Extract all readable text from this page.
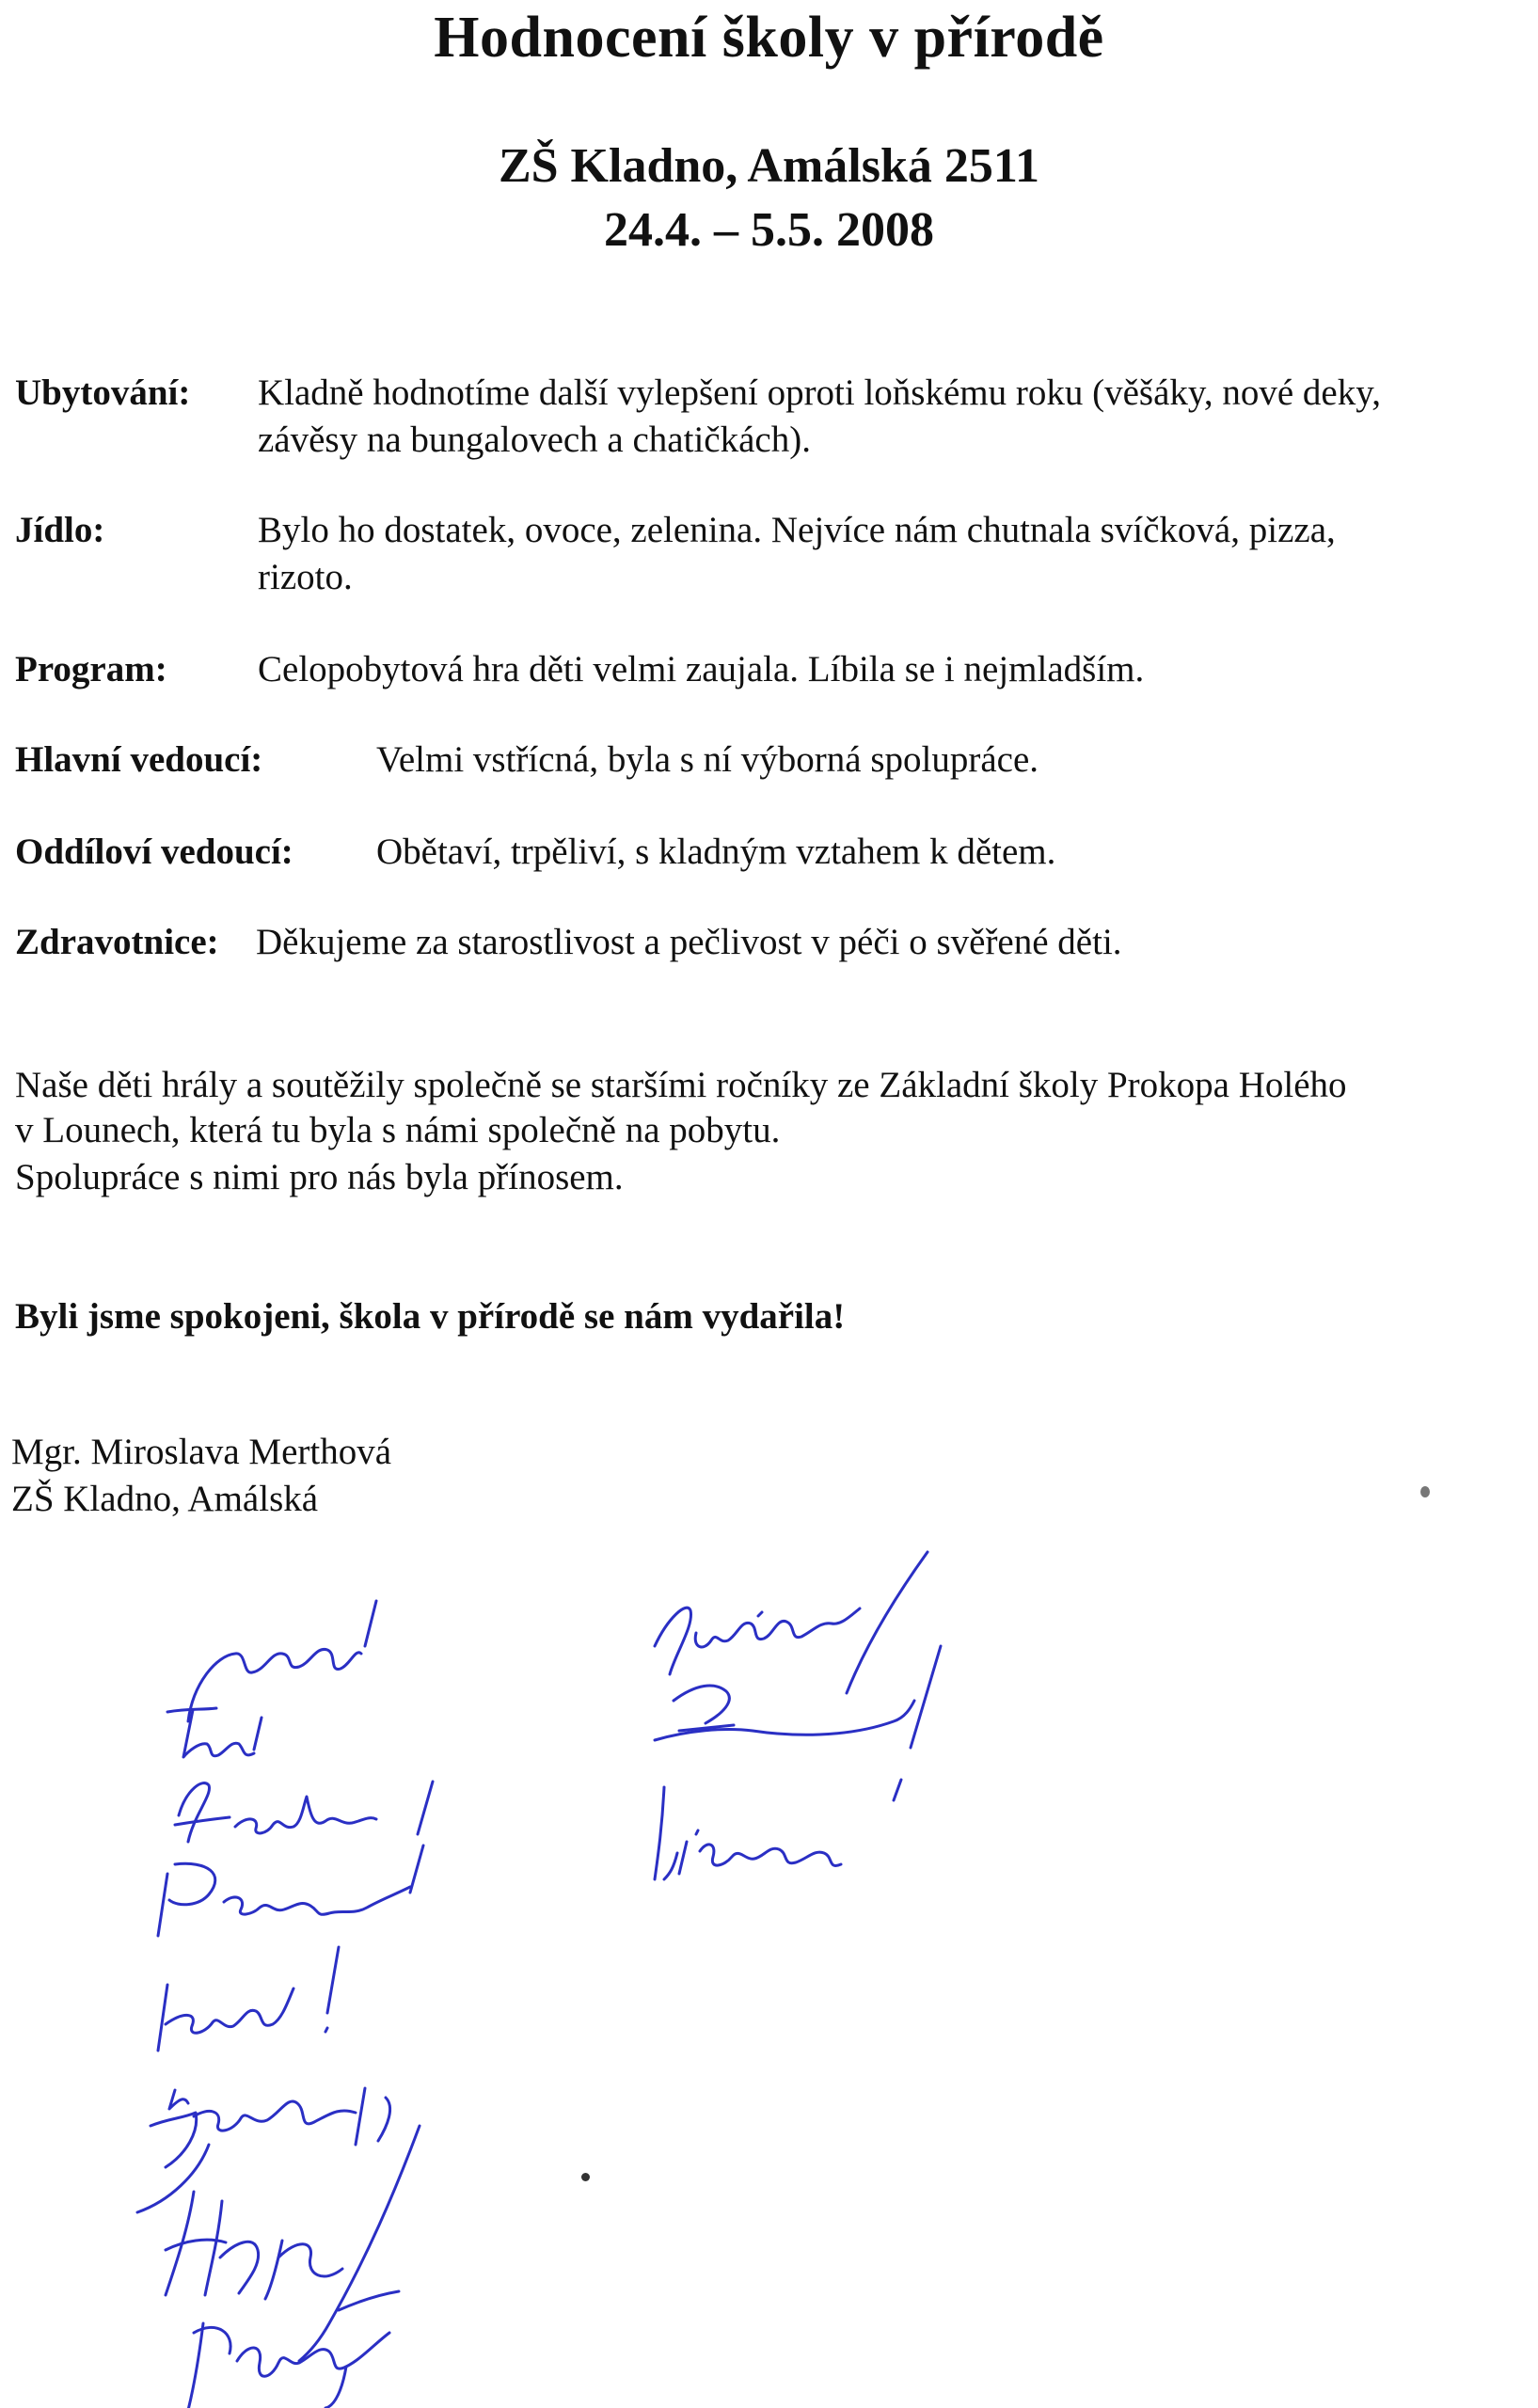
Hodnocení školy v přírodě
ZŠ Kladno, Amálská 2511
24.4. – 5.5. 2008
Ubytování: Kladně hodnotíme další vylepšení oproti loňskému roku (věšáky, nové deky,
závěsy na bungalovech a chatičkách).
Jídlo:	Bylo ho dostatek, ovoce, zelenina. Nejvíce nám chutnala svíčková, pizza,
rizoto.
Program: Celopobytová hra děti velmi zaujala. Líbila se i nejmladším.
Hlavní vedoucí:	Velmi vstřícná, byla s ní výborná spolupráce.
Oddíloví vedoucí: Obětaví, trpěliví, s kladným vztahem k dětem.
Zdravotnice: Děkujeme za starostlivost a pečlivost v péči o svěřené děti.
Naše děti hrály a soutěžily společně se staršími ročníky ze Základní školy Prokopa Holého
v Lounech, která tu byla s námi společně na pobytu.
Spolupráce s nimi pro nás byla přínosem.
Byli jsme spokojeni, škola v přírodě se nám vydařila!
Mgr. Miroslava Merthová
ZŠ Kladno, Amálská
